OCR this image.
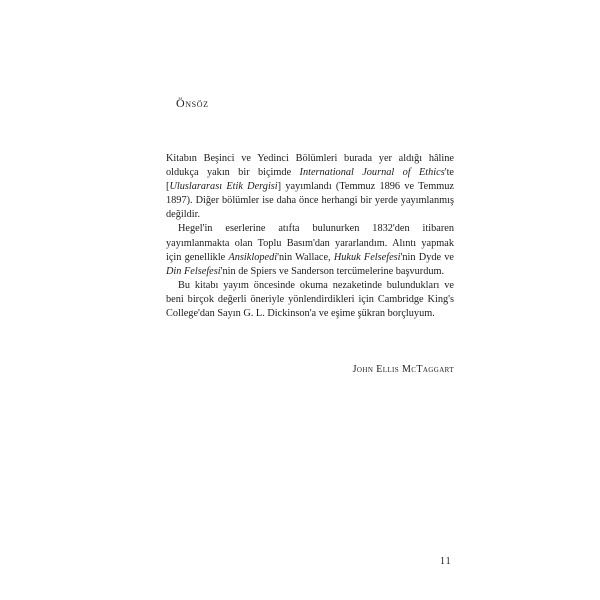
Önsöz

Kitabın Beşinci ve Yedinci Bölümleri burada yer aldığı hâline oldukça yakın bir biçimde International Journal of Ethics'te [Uluslararası Etik Dergisi] yayımlandı (Temmuz 1896 ve Temmuz 1897). Diğer bölümler ise daha önce herhangi bir yerde yayımlanmış değildir.

Hegel'in eserlerine atıfta bulunurken 1832'den itibaren yayımlanmakta olan Toplu Basım'dan yararlandım. Alıntı yapmak için genellikle Ansiklopedi'nin Wallace, Hukuk Felsefesi'nin Dyde ve Din Felsefesi'nin de Spiers ve Sanderson tercümelerine başvurdum.

Bu kitabı yayım öncesinde okuma nezaketinde bulundukları ve beni birçok değerli öneriyle yönlendirdikleri için Cambridge King's College'dan Sayın G. L. Dickinson'a ve eşime şükran borçluyum.

John Ellis McTaggart

11
